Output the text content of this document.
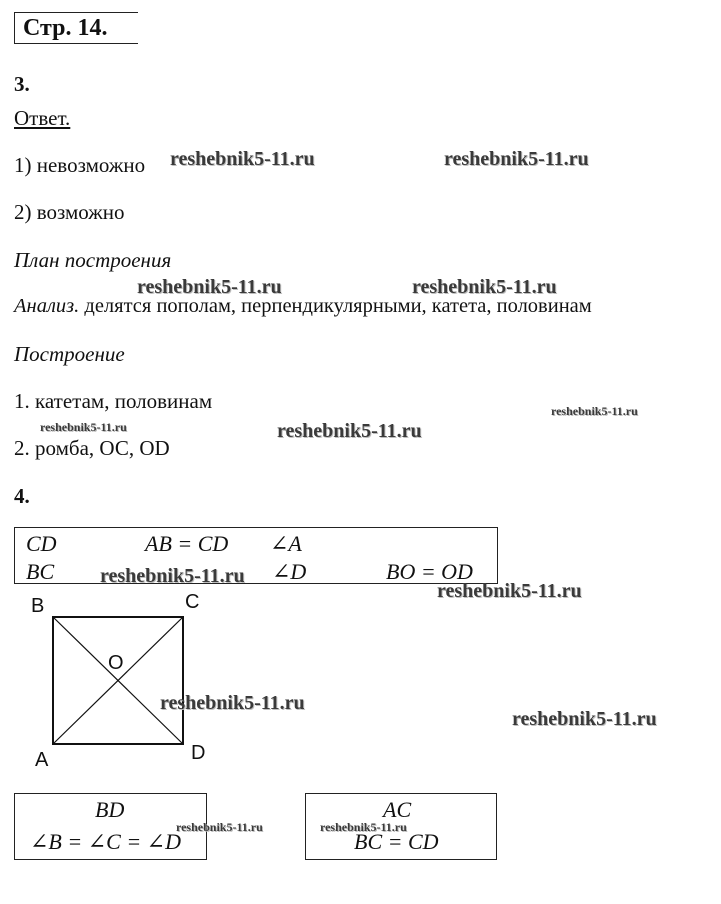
Стр. 14.
3.
Ответ.
1) невозможно
2) возможно
План построения
Анализ. делятся пополам, перпендикулярными, катета, половинам
Построение
1. катетам, половинам
2. ромба, ОС, OD
4.
CD	AB = CD ∠A
BC	∠D	BO = OD
B	C
O
A	D
BD
∠B = ∠C = ∠D
AC
BC = CD
reshebnik5-11.ru	reshebnik5-11.ru
reshebnik5-11.ru	reshebnik5-11.ru
reshebnik5-11.ru
reshebnik5-11.ru	reshebnik5-11.ru
reshebnik5-11.ru
reshebnik5-11.ru
reshebnik5-11.ru
reshebnik5-11.ru
reshebnik5-11.ru	reshebnik5-11.ru
